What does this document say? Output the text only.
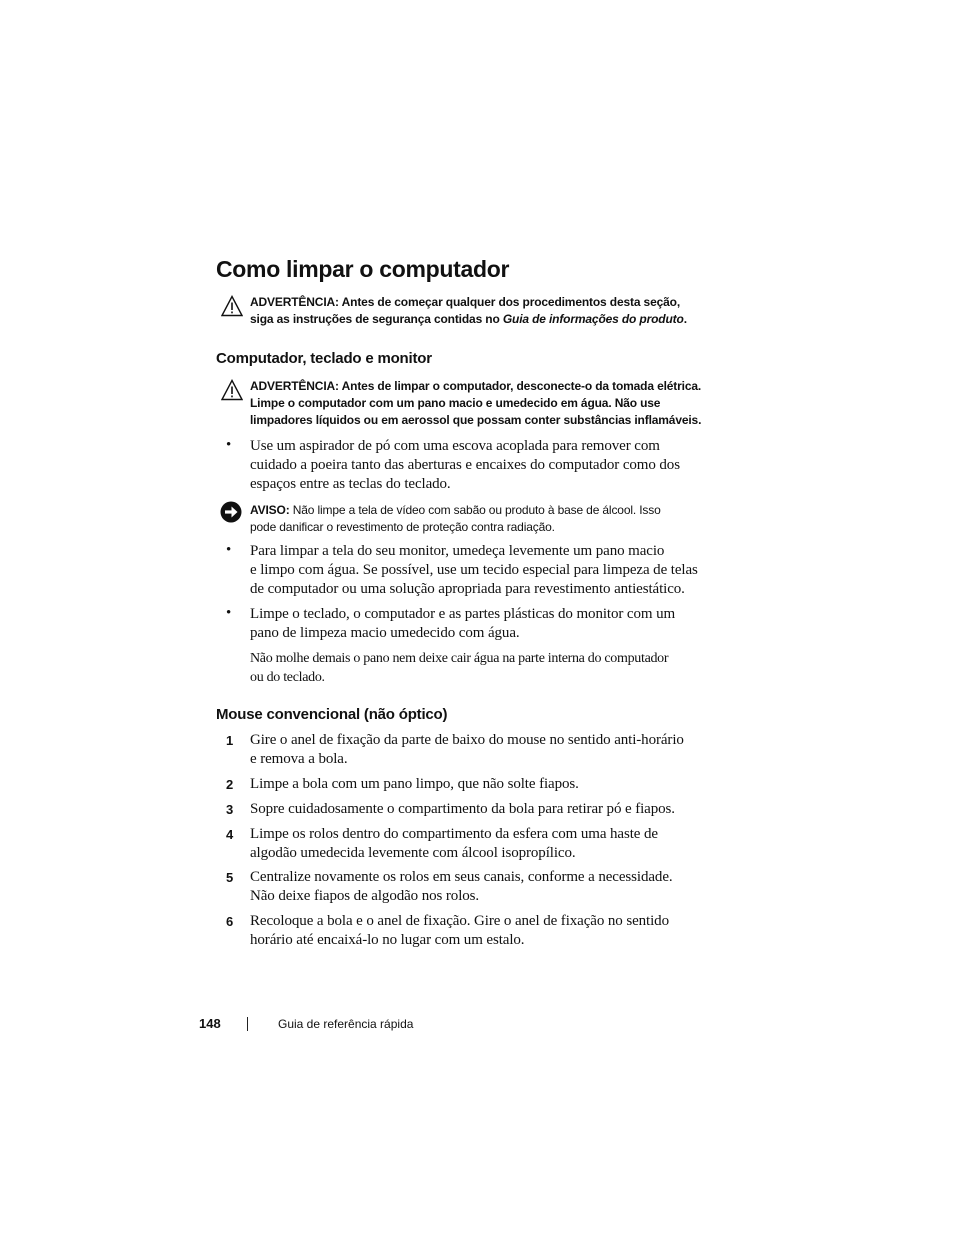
Como limpar o computador
ADVERTÊNCIA: Antes de começar qualquer dos procedimentos desta seção,
siga as instruções de segurança contidas no Guia de informações do produto.
Computador, teclado e monitor
ADVERTÊNCIA: Antes de limpar o computador, desconecte-o da tomada elétrica.
Limpe o computador com um pano macio e umedecido em água. Não use
limpadores líquidos ou em aerossol que possam conter substâncias inflamáveis.
• Use um aspirador de pó com uma escova acoplada para remover com
cuidado a poeira tanto das aberturas e encaixes do computador como dos
espaços entre as teclas do teclado.
AVISO: Não limpe a tela de vídeo com sabão ou produto à base de álcool. Isso
pode danificar o revestimento de proteção contra radiação.
• Para limpar a tela do seu monitor, umedeça levemente um pano macio
e limpo com água. Se possível, use um tecido especial para limpeza de telas
de computador ou uma solução apropriada para revestimento antiestático.
• Limpe o teclado, o computador e as partes plásticas do monitor com um
pano de limpeza macio umedecido com água.
Não molhe demais o pano nem deixe cair água na parte interna do computador
ou do teclado.
Mouse convencional (não óptico)
1 Gire o anel de fixação da parte de baixo do mouse no sentido anti-horário
e remova a bola.
2 Limpe a bola com um pano limpo, que não solte fiapos.
3 Sopre cuidadosamente o compartimento da bola para retirar pó e fiapos.
4 Limpe os rolos dentro do compartimento da esfera com uma haste de
algodão umedecida levemente com álcool isopropílico.
5 Centralize novamente os rolos em seus canais, conforme a necessidade.
Não deixe fiapos de algodão nos rolos.
6 Recoloque a bola e o anel de fixação. Gire o anel de fixação no sentido
horário até encaixá-lo no lugar com um estalo.
148	Guia de referência rápida
